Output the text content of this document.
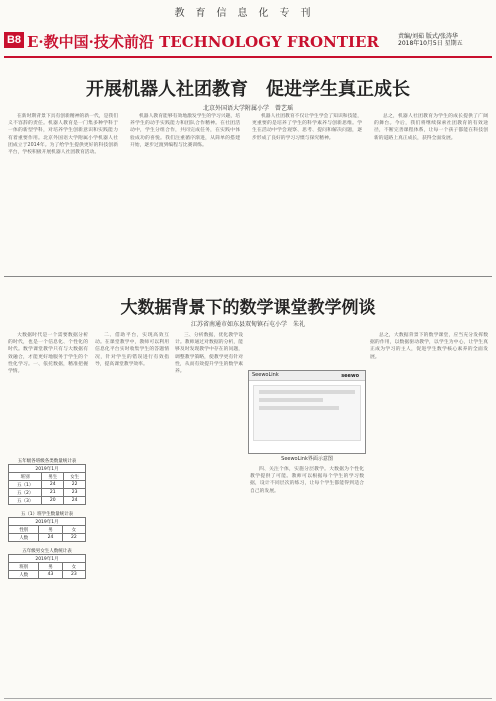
教育信息化专刊
B8 E·教中国·技术前沿 TECHNOLOGY FRONTIER	责编/刘茹 版式/张涛华
2018年10月5日 星期五
开展机器人社团教育　促进学生真正成长
北京外国语大学附属小学　曾艺瑶

在新时期背景下具有创新精神的新一代，是我们义不容辞的责任。机器人教育是一门集多种学科于一体的新型学科，对培养学生创新意识和实践能力有着重要作用。北京外国语大学附属小学机器人社团成立于2014年。为了给学生提供更好的科技创新平台，学校积极开展机器人社团教育活动。

机器人教育能够有效地激发学生的学习兴趣，培养学生的动手实践能力和团队合作精神。在社团活动中，学生分组合作，共同完成任务，在实践中体验成功的喜悦。我们注重循序渐进，从简单的搭建开始，逐步过渡到编程与比赛训练。

机器人社团教育不仅让学生学会了知识和技能，更重要的是培养了学生的科学素养与创新思维。学生在活动中学会观察、思考、提问和解决问题，逐步形成了良好的学习习惯与探究精神。

总之，机器人社团教育为学生的成长提供了广阔的舞台。今后，我们将继续探索社团教育的有效途径，不断完善课程体系，让每一个孩子都能在科技创新的道路上真正成长，获得全面发展。

大数据背景下的数学课堂教学例谈
江苏省南通市如东县双甸镇石屯小学　朱礼

大数据时代是一个需要数据分析的时代，也是一个信息化、个性化的时代。数学课堂教学只有与大数据有效融合，才能更好地服务于学生的个性化学习。一、依托数据，精准把握学情。

五年级各班级各类数量统计表
2019年1月		
班别	男生	女生
五（1）	24	22
五（2）	21	23
五（3）	20	24
五（1）班学生数量统计表
2019年1月		
性别	男	女
人数	24	22
五年级男女生人数统计表
2019年1月		
班别	男	女
人数	43	23

二、借助平台，实现高效互动。在课堂教学中，教师可以利用信息化平台实时收集学生的答题情况，针对学生的错误进行有效指导，提高课堂教学效率。

三、分析数据，优化教学设计。教师通过对数据的分析，能够及时发现教学中存在的问题，调整教学策略，使教学更有针对性，从而有效提升学生的数学素养。

SeewoLink	seewo
SeewoLink界面示意图

四、关注个体，实施分层教学。大数据为个性化教学提供了可能。教师可以根据每个学生的学习数据，设计不同层次的练习，让每个学生都能得到适合自己的发展。

总之，大数据背景下的数学课堂，应当充分发挥数据的作用，以数据驱动教学，以学生为中心，让学生真正成为学习的主人，促进学生数学核心素养的全面发展。
